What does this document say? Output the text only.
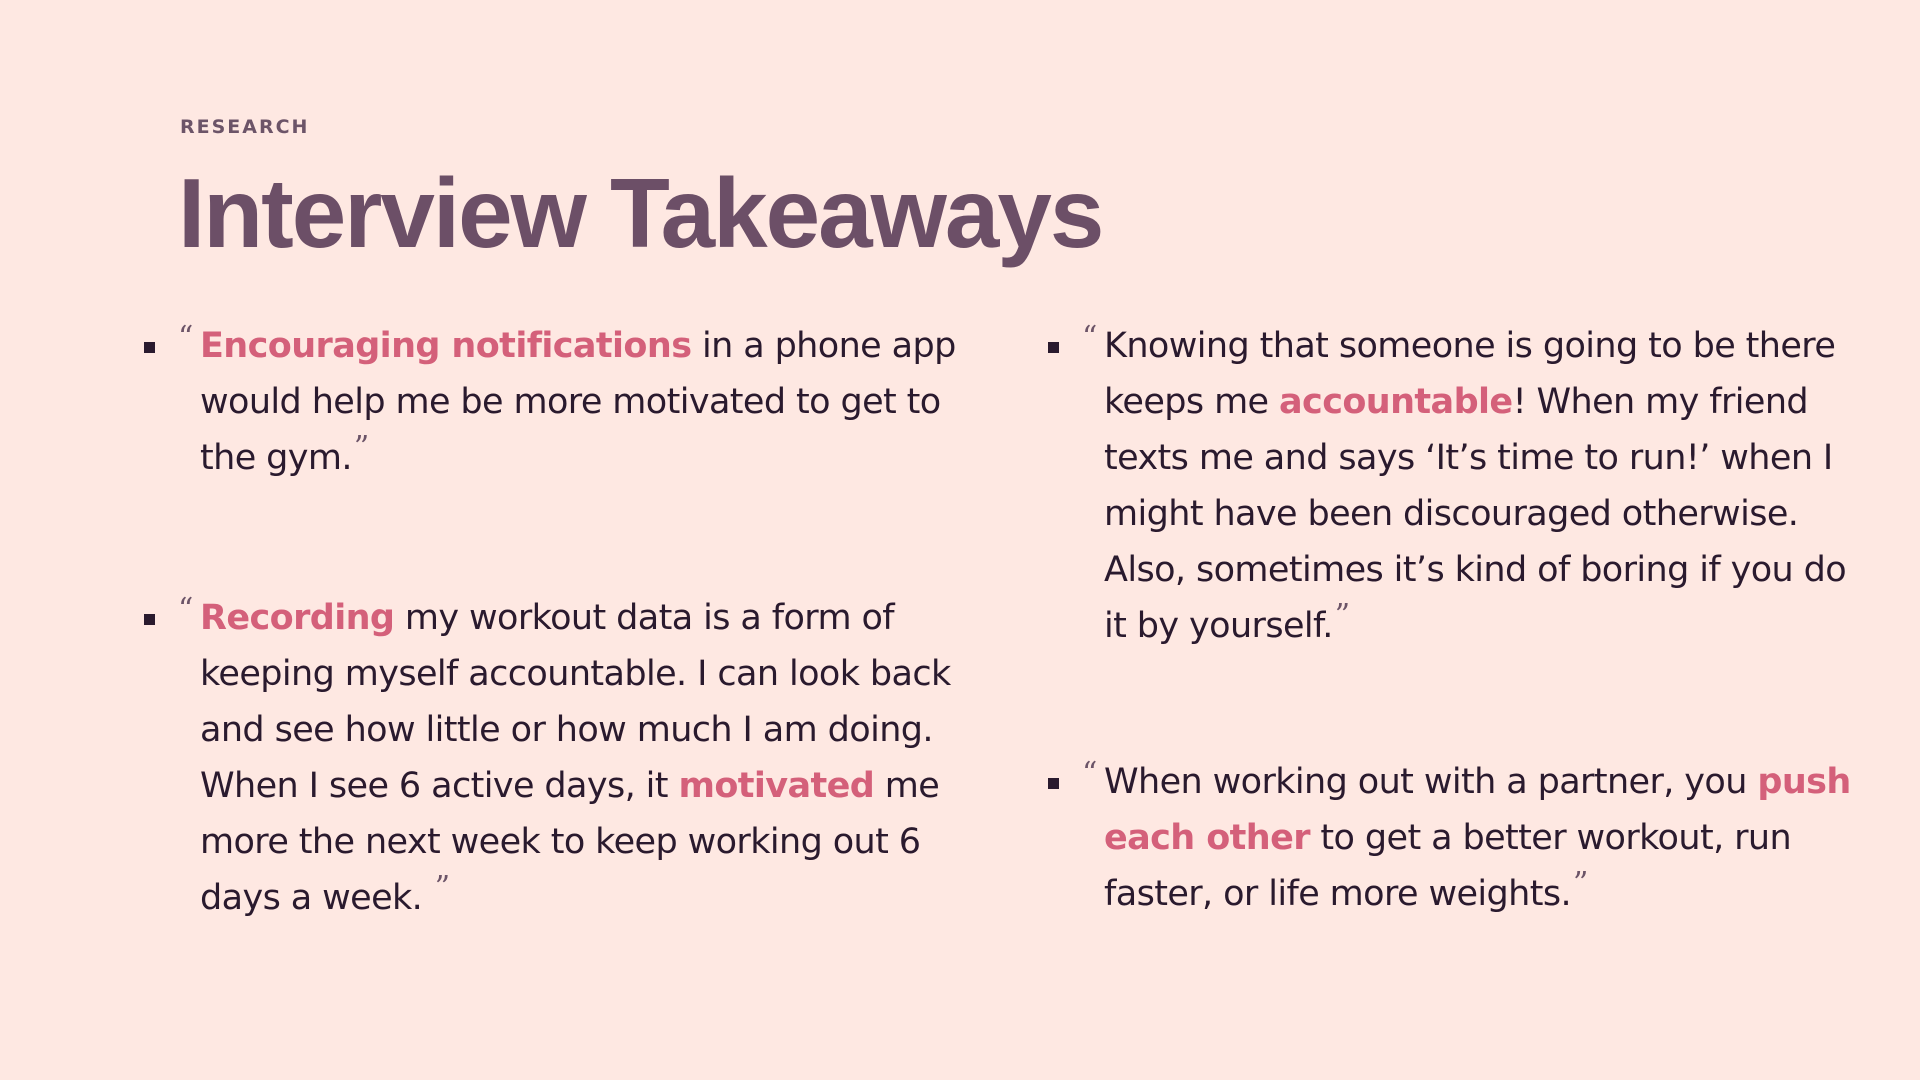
RESEARCH
Interview Takeaways
“ Encouraging notifications in a phone app would help me be more motivated to get to the gym.”
“ Recording my workout data is a form of keeping myself accountable. I can look back and see how little or how much I am doing. When I see 6 active days, it motivated me more the next week to keep working out 6 days a week. ”
“ Knowing that someone is going to be there keeps me accountable! When my friend texts me and says ‘It’s time to run!’ when I might have been discouraged otherwise. Also, sometimes it’s kind of boring if you do it by yourself.”
“ When working out with a partner, you push each other to get a better workout, run faster, or life more weights.”
